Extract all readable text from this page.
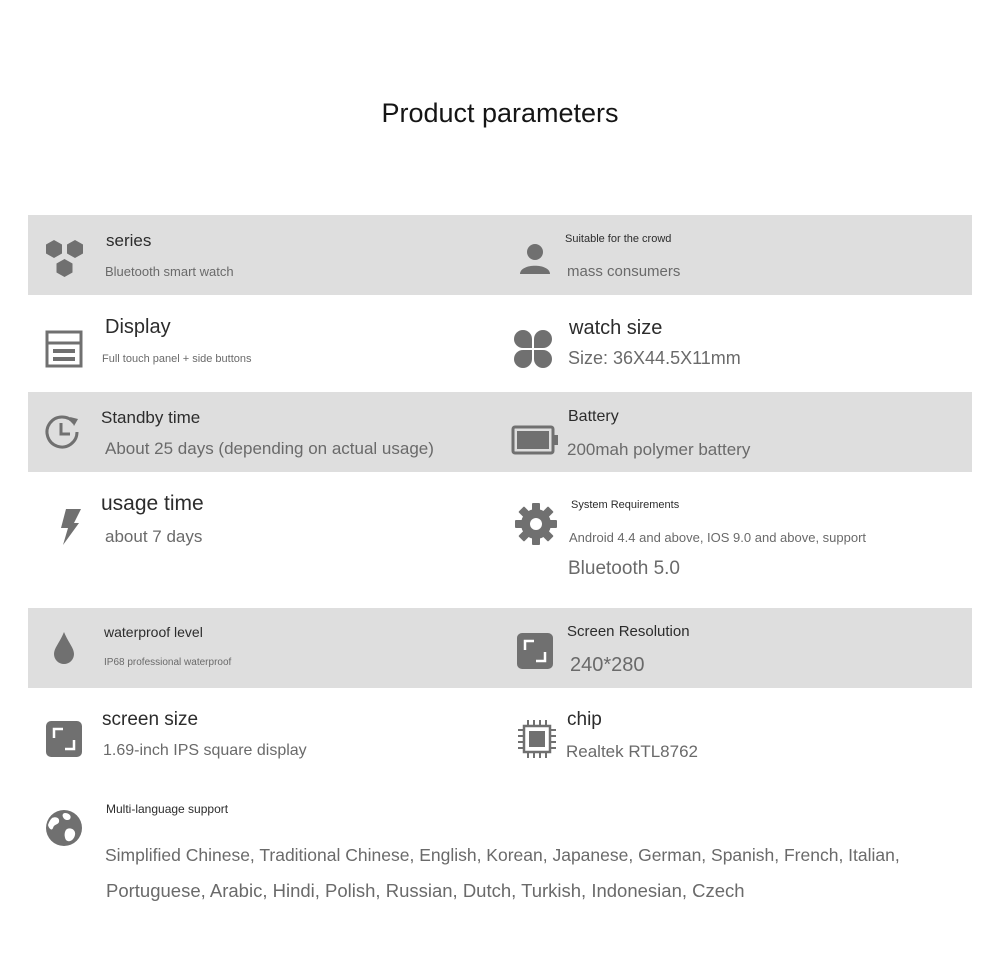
Product parameters
series
Bluetooth smart watch
Suitable for the crowd
mass consumers
Display
Full touch panel + side buttons
watch size
Size: 36X44.5X11mm
Standby time
About 25 days (depending on actual usage)
Battery
200mah polymer battery
usage time
about 7 days
System Requirements
Android 4.4 and above, IOS 9.0 and above, support
Bluetooth 5.0
waterproof level
IP68 professional waterproof
Screen Resolution
240*280
screen size
1.69-inch IPS square display
chip
Realtek RTL8762
Multi-language support
Simplified Chinese, Traditional Chinese, English, Korean, Japanese, German, Spanish, French, Italian,
Portuguese, Arabic, Hindi, Polish, Russian, Dutch, Turkish, Indonesian, Czech
